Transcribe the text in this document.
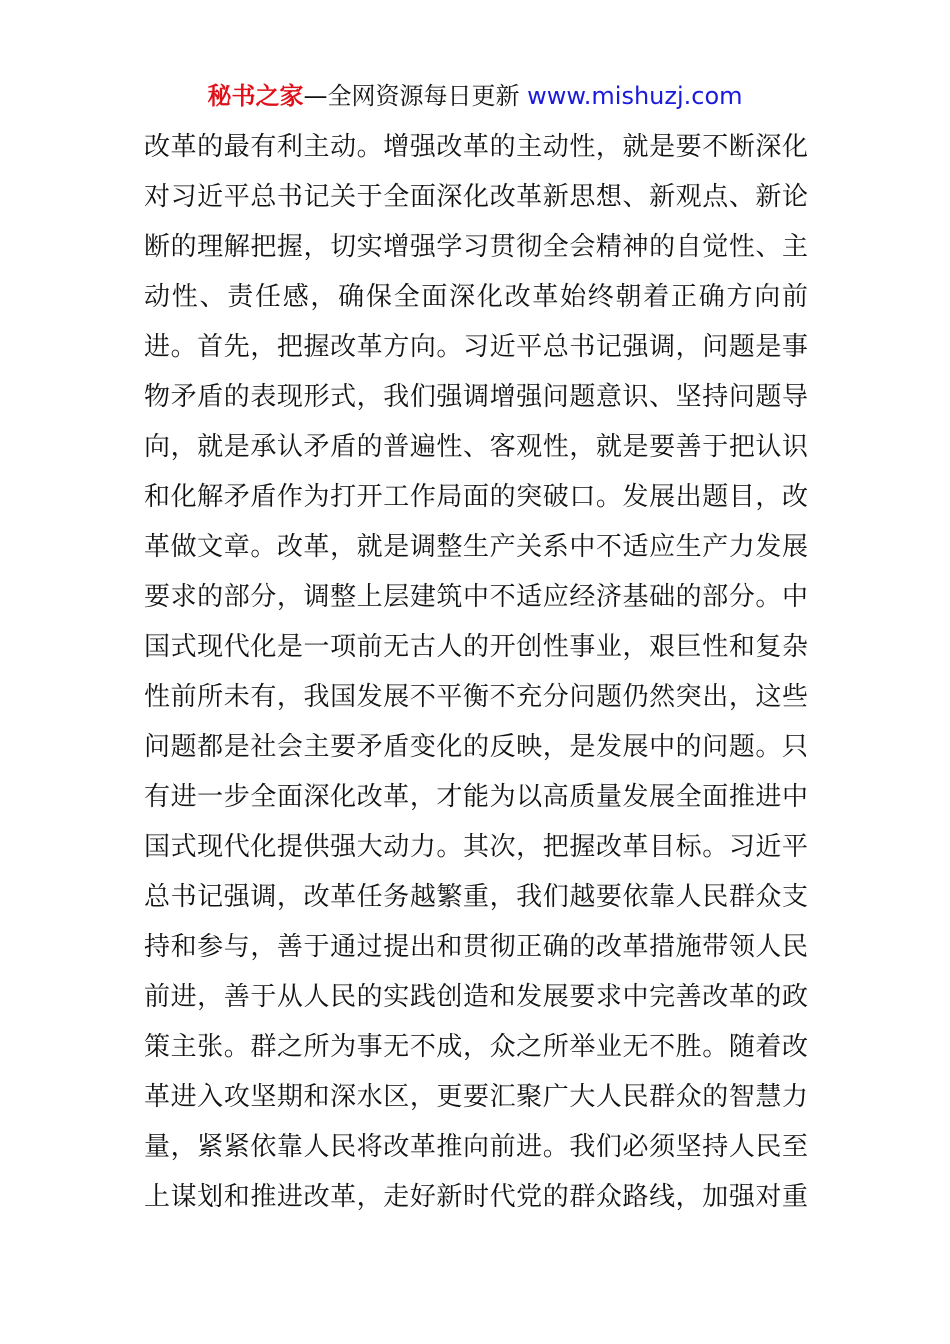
秘书之家—全网资源每日更新 www.mishuzj.com
改革的最有利主动。增强改革的主动性，就是要不断深化
对习近平总书记关于全面深化改革新思想、新观点、新论
断的理解把握，切实增强学习贯彻全会精神的自觉性、主
动性、责任感，确保全面深化改革始终朝着正确方向前
进。首先，把握改革方向。习近平总书记强调，问题是事
物矛盾的表现形式，我们强调增强问题意识、坚持问题导
向，就是承认矛盾的普遍性、客观性，就是要善于把认识
和化解矛盾作为打开工作局面的突破口。发展出题目，改
革做文章。改革，就是调整生产关系中不适应生产力发展
要求的部分，调整上层建筑中不适应经济基础的部分。中
国式现代化是一项前无古人的开创性事业，艰巨性和复杂
性前所未有，我国发展不平衡不充分问题仍然突出，这些
问题都是社会主要矛盾变化的反映，是发展中的问题。只
有进一步全面深化改革，才能为以高质量发展全面推进中
国式现代化提供强大动力。其次，把握改革目标。习近平
总书记强调，改革任务越繁重，我们越要依靠人民群众支
持和参与，善于通过提出和贯彻正确的改革措施带领人民
前进，善于从人民的实践创造和发展要求中完善改革的政
策主张。群之所为事无不成，众之所举业无不胜。随着改
革进入攻坚期和深水区，更要汇聚广大人民群众的智慧力
量，紧紧依靠人民将改革推向前进。我们必须坚持人民至
上谋划和推进改革，走好新时代党的群众路线，加强对重
